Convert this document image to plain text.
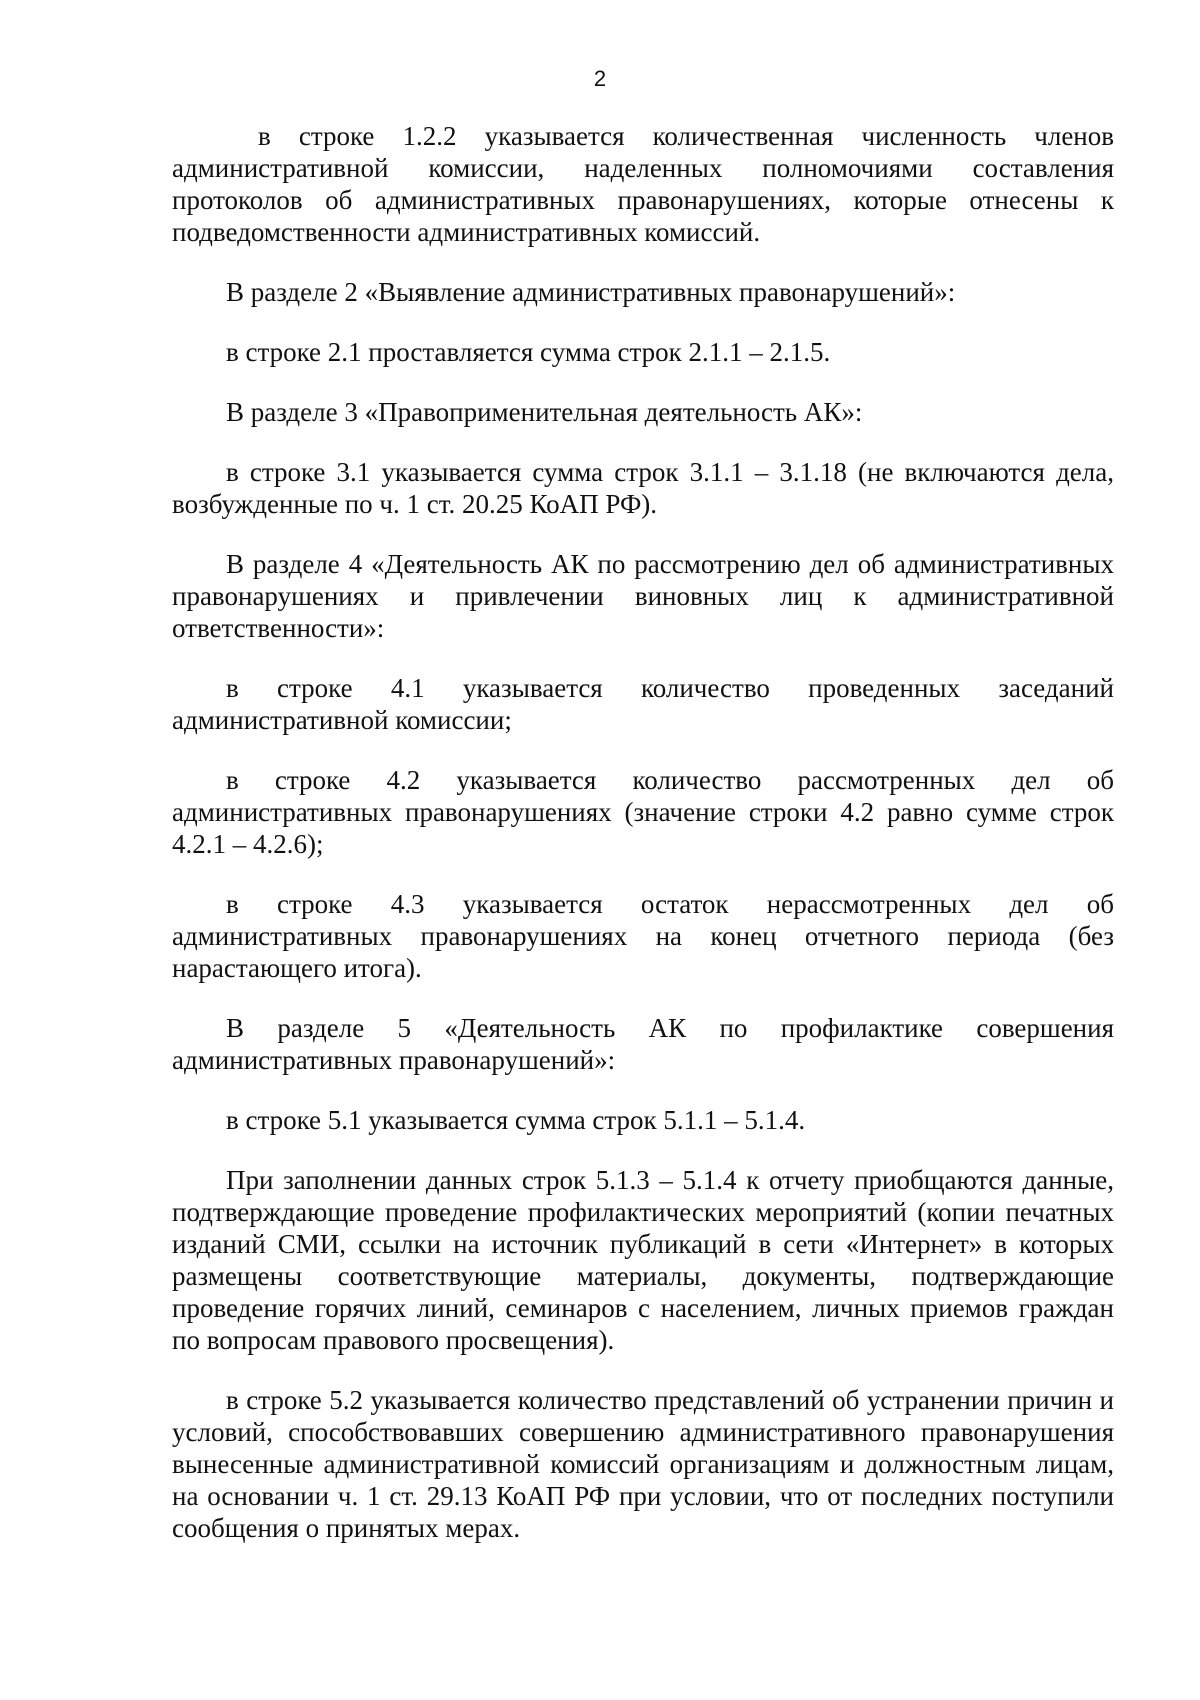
2

в строке 1.2.2 указывается количественная численность членов административной комиссии, наделенных полномочиями составления протоколов об административных правонарушениях, которые отнесены к подведомственности административных комиссий.

В разделе 2 «Выявление административных правонарушений»:

в строке 2.1 проставляется сумма строк 2.1.1 – 2.1.5.

В разделе 3 «Правоприменительная деятельность АК»:

в строке 3.1 указывается сумма строк 3.1.1 – 3.1.18 (не включаются дела, возбужденные по ч. 1 ст. 20.25 КоАП РФ).

В разделе 4 «Деятельность АК по рассмотрению дел об административных правонарушениях и привлечении виновных лиц к административной ответственности»:

в строке 4.1 указывается количество проведенных заседаний административной комиссии;

в строке 4.2 указывается количество рассмотренных дел об административных правонарушениях (значение строки 4.2 равно сумме строк 4.2.1 – 4.2.6);

в строке 4.3 указывается остаток нерассмотренных дел об административных правонарушениях на конец отчетного периода (без нарастающего итога).

В разделе 5 «Деятельность АК по профилактике совершения административных правонарушений»:

в строке 5.1 указывается сумма строк 5.1.1 – 5.1.4.

При заполнении данных строк 5.1.3 – 5.1.4 к отчету приобщаются данные, подтверждающие проведение профилактических мероприятий (копии печатных изданий СМИ, ссылки на источник публикаций в сети «Интернет» в которых размещены соответствующие материалы, документы, подтверждающие проведение горячих линий, семинаров с населением, личных приемов граждан по вопросам правового просвещения).

в строке 5.2 указывается количество представлений об устранении причин и условий, способствовавших совершению административного правонарушения вынесенные административной комиссий организациям и должностным лицам, на основании ч. 1 ст. 29.13 КоАП РФ при условии, что от последних поступили сообщения о принятых мерах.
